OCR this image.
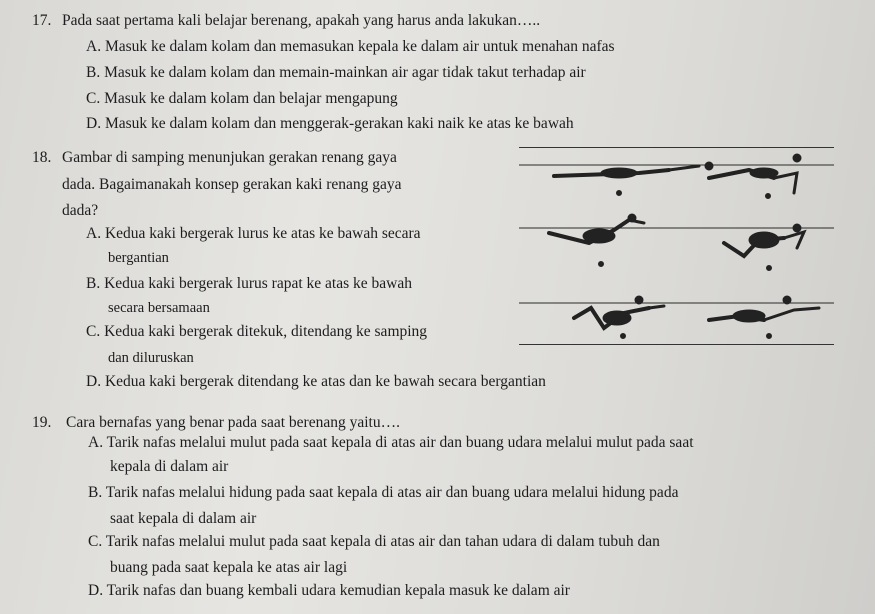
17. Pada saat pertama kali belajar berenang, apakah yang harus anda lakukan…..
A. Masuk ke dalam kolam dan memasukan kepala ke dalam air untuk menahan nafas
B. Masuk ke dalam kolam dan memain-mainkan air agar tidak takut terhadap air
C. Masuk ke dalam kolam dan belajar mengapung
D. Masuk ke dalam kolam dan menggerak-gerakan kaki naik ke atas ke bawah
18. Gambar di samping menunjukan gerakan renang gaya
dada. Bagaimanakah konsep gerakan kaki renang gaya
dada?
A. Kedua kaki bergerak lurus ke atas ke bawah secara
bergantian
B. Kedua kaki bergerak lurus rapat ke atas ke bawah
secara bersamaan
C. Kedua kaki bergerak ditekuk, ditendang ke samping
dan diluruskan
D. Kedua kaki bergerak ditendang ke atas dan ke bawah secara bergantian
19. Cara bernafas yang benar pada saat berenang yaitu….
A. Tarik nafas melalui mulut pada saat kepala di atas air dan buang udara melalui mulut pada saat
kepala di dalam air
B. Tarik nafas melalui hidung pada saat kepala di atas air dan buang udara melalui hidung pada
saat kepala di dalam air
C. Tarik nafas melalui mulut pada saat kepala di atas air dan tahan udara di dalam tubuh dan
buang pada saat kepala ke atas air lagi
D. Tarik nafas dan buang kembali udara kemudian kepala masuk ke dalam air
